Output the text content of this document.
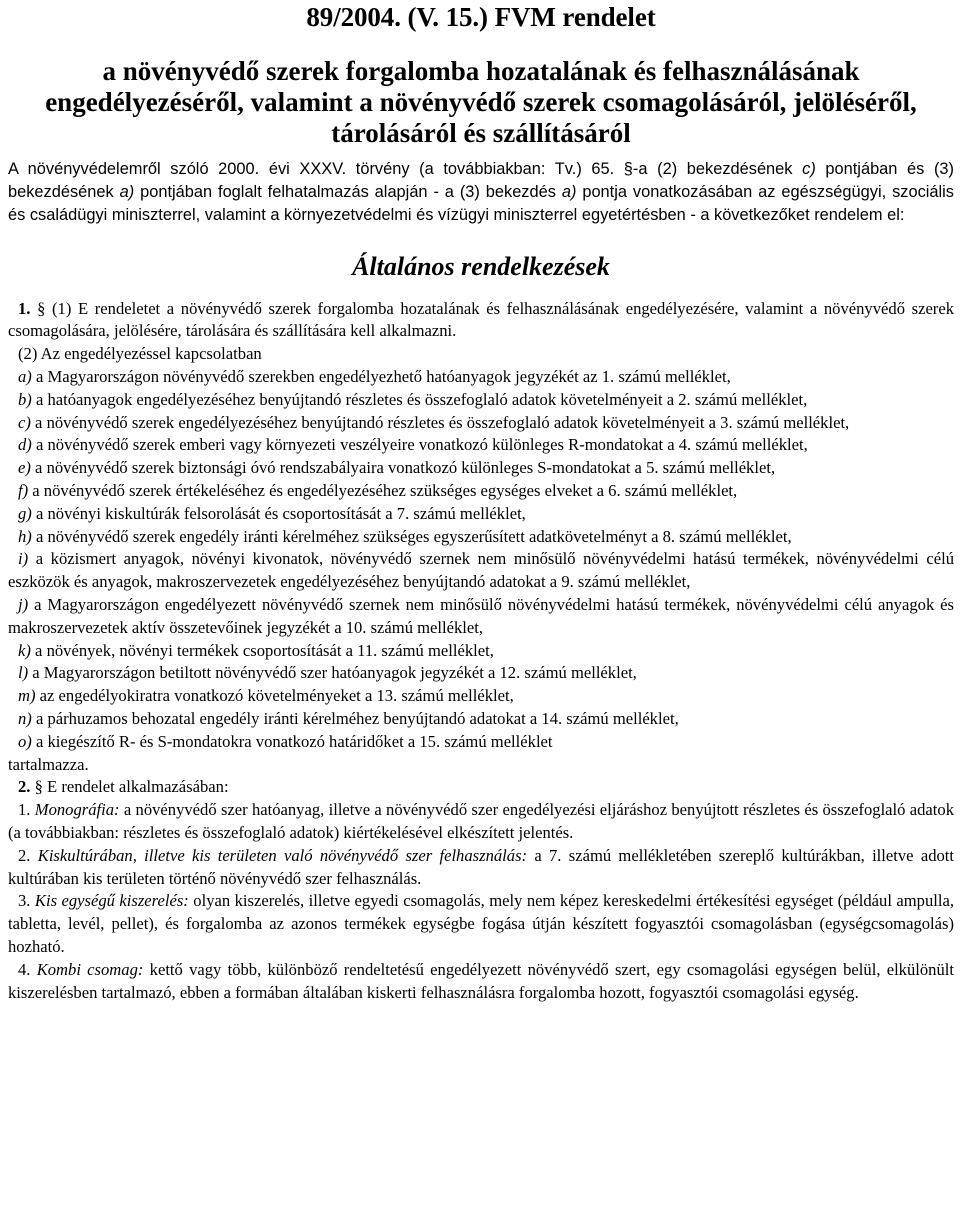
89/2004. (V. 15.) FVM rendelet
a növényvédő szerek forgalomba hozatalának és felhasználásának
engedélyezéséről, valamint a növényvédő szerek csomagolásáról, jelöléséről,
tárolásáról és szállításáról

A növényvédelemről szóló 2000. évi XXXV. törvény (a továbbiakban: Tv.) 65. §-a (2) bekezdésének c) pontjában és (3) bekezdésének a) pontjában foglalt felhatalmazás alapján - a (3) bekezdés a) pontja vonatkozásában az egészségügyi, szociális és családügyi miniszterrel, valamint a környezetvédelmi és vízügyi miniszterrel egyetértésben - a következőket rendelem el:

Általános rendelkezések

1. § (1) E rendeletet a növényvédő szerek forgalomba hozatalának és felhasználásának engedélyezésére, valamint a növényvédő szerek csomagolására, jelölésére, tárolására és szállítására kell alkalmazni.

(2) Az engedélyezéssel kapcsolatban

a) a Magyarországon növényvédő szerekben engedélyezhető hatóanyagok jegyzékét az 1. számú melléklet,

b) a hatóanyagok engedélyezéséhez benyújtandó részletes és összefoglaló adatok követelményeit a 2. számú melléklet,

c) a növényvédő szerek engedélyezéséhez benyújtandó részletes és összefoglaló adatok követelményeit a 3. számú melléklet,

d) a növényvédő szerek emberi vagy környezeti veszélyeire vonatkozó különleges R-mondatokat a 4. számú melléklet,

e) a növényvédő szerek biztonsági óvó rendszabályaira vonatkozó különleges S-mondatokat a 5. számú melléklet,

f) a növényvédő szerek értékeléséhez és engedélyezéséhez szükséges egységes elveket a 6. számú melléklet,

g) a növényi kiskultúrák felsorolását és csoportosítását a 7. számú melléklet,

h) a növényvédő szerek engedély iránti kérelméhez szükséges egyszerűsített adatkövetelményt a 8. számú melléklet,

i) a közismert anyagok, növényi kivonatok, növényvédő szernek nem minősülő növényvédelmi hatású termékek, növényvédelmi célú eszközök és anyagok, makroszervezetek engedélyezéséhez benyújtandó adatokat a 9. számú melléklet,

j) a Magyarországon engedélyezett növényvédő szernek nem minősülő növényvédelmi hatású termékek, növényvédelmi célú anyagok és makroszervezetek aktív összetevőinek jegyzékét a 10. számú melléklet,

k) a növények, növényi termékek csoportosítását a 11. számú melléklet,

l) a Magyarországon betiltott növényvédő szer hatóanyagok jegyzékét a 12. számú melléklet,

m) az engedélyokiratra vonatkozó követelményeket a 13. számú melléklet,

n) a párhuzamos behozatal engedély iránti kérelméhez benyújtandó adatokat a 14. számú melléklet,

o) a kiegészítő R- és S-mondatokra vonatkozó határidőket a 15. számú melléklet

tartalmazza.

2. § E rendelet alkalmazásában:

1. Monográfia: a növényvédő szer hatóanyag, illetve a növényvédő szer engedélyezési eljáráshoz benyújtott részletes és összefoglaló adatok (a továbbiakban: részletes és összefoglaló adatok) kiértékelésével elkészített jelentés.

2. Kiskultúrában, illetve kis területen való növényvédő szer felhasználás: a 7. számú mellékletében szereplő kultúrákban, illetve adott kultúrában kis területen történő növényvédő szer felhasználás.

3. Kis egységű kiszerelés: olyan kiszerelés, illetve egyedi csomagolás, mely nem képez kereskedelmi értékesítési egységet (például ampulla, tabletta, levél, pellet), és forgalomba az azonos termékek egységbe fogása útján készített fogyasztói csomagolásban (egységcsomagolás) hozható.

4. Kombi csomag: kettő vagy több, különböző rendeltetésű engedélyezett növényvédő szert, egy csomagolási egységen belül, elkülönült kiszerelésben tartalmazó, ebben a formában általában kiskerti felhasználásra forgalomba hozott, fogyasztói csomagolási egység.
